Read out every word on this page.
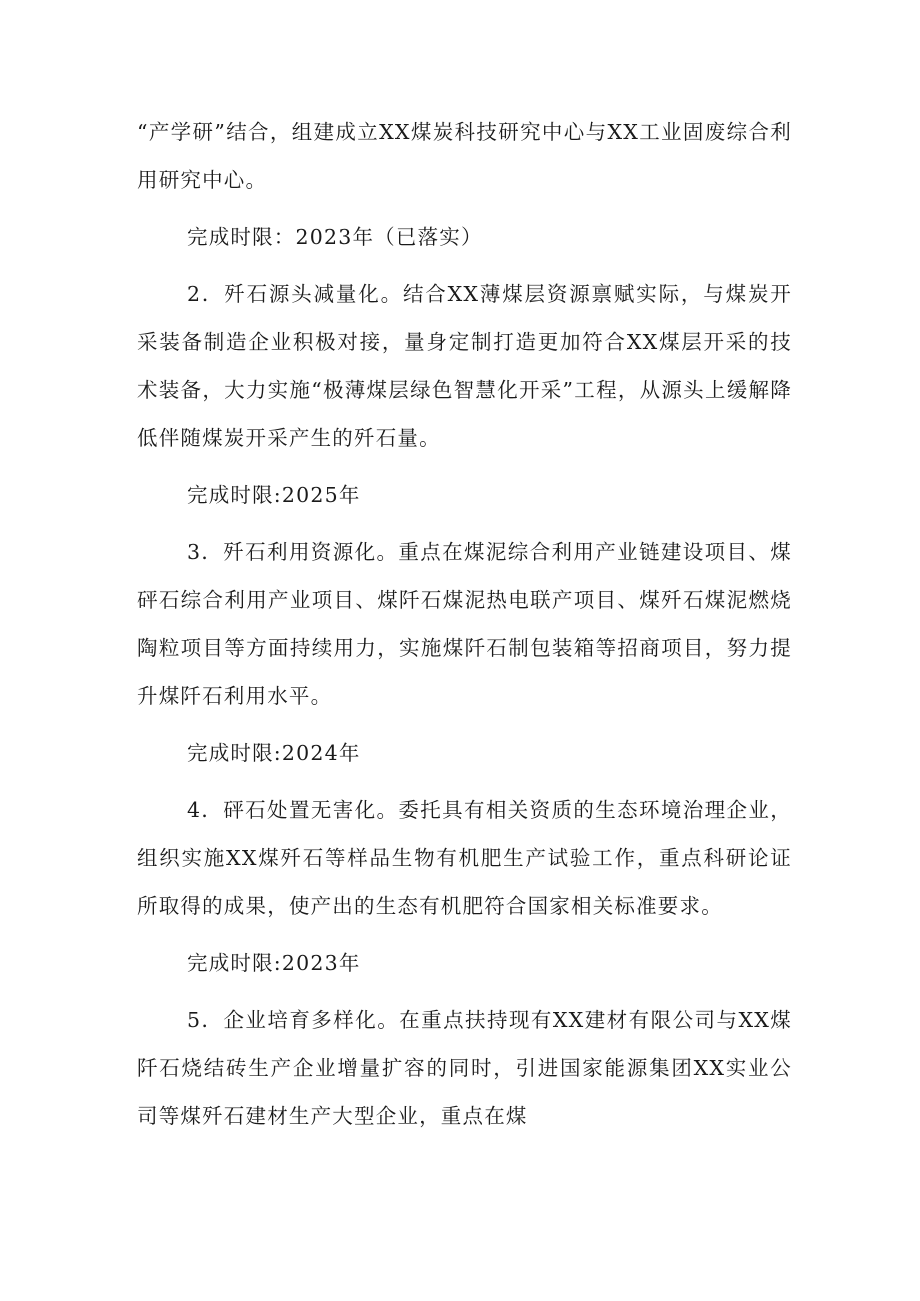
“产学研”结合，组建成立XX煤炭科技研究中心与XX工业固废综合利用研究中心。

完成时限：2023年（已落实）

2．歼石源头减量化。结合XX薄煤层资源禀赋实际，与煤炭开采装备制造企业积极对接，量身定制打造更加符合XX煤层开采的技术装备，大力实施“极薄煤层绿色智慧化开采”工程，从源头上缓解降低伴随煤炭开采产生的歼石量。

完成时限:2025年

3．歼石利用资源化。重点在煤泥综合利用产业链建设项目、煤砰石综合利用产业项目、煤阡石煤泥热电联产项目、煤歼石煤泥燃烧陶粒项目等方面持续用力，实施煤阡石制包装箱等招商项目，努力提升煤阡石利用水平。

完成时限:2024年

4．砰石处置无害化。委托具有相关资质的生态环境治理企业，组织实施XX煤歼石等样品生物有机肥生产试验工作，重点科研论证所取得的成果，使产出的生态有机肥符合国家相关标准要求。

完成时限:2023年

5．企业培育多样化。在重点扶持现有XX建材有限公司与XX煤阡石烧结砖生产企业增量扩容的同时，引进国家能源集团XX实业公司等煤歼石建材生产大型企业，重点在煤
